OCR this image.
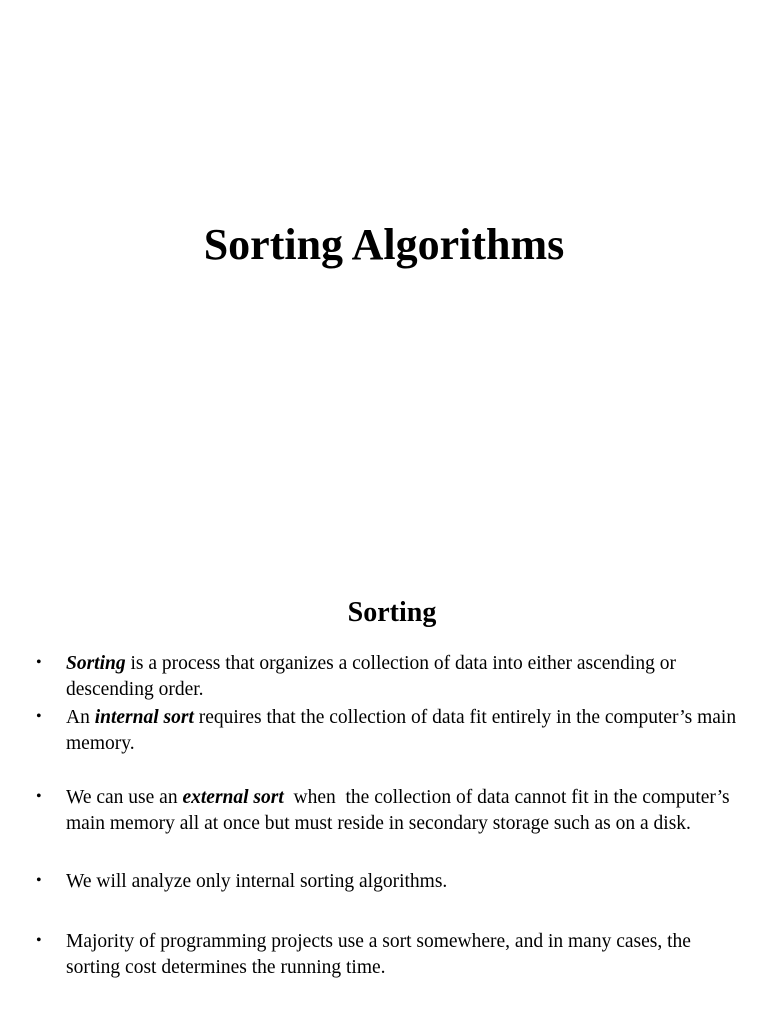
Sorting Algorithms
Sorting
• Sorting is a process that organizes a collection of data into either ascending or descending order.
• An internal sort requires that the collection of data fit entirely in the computer’s main memory.
• We can use an external sort  when  the collection of data cannot fit in the computer’s main memory all at once but must reside in secondary storage such as on a disk.
• We will analyze only internal sorting algorithms.
• Majority of programming projects use a sort somewhere, and in many cases, the sorting cost determines the running time.
